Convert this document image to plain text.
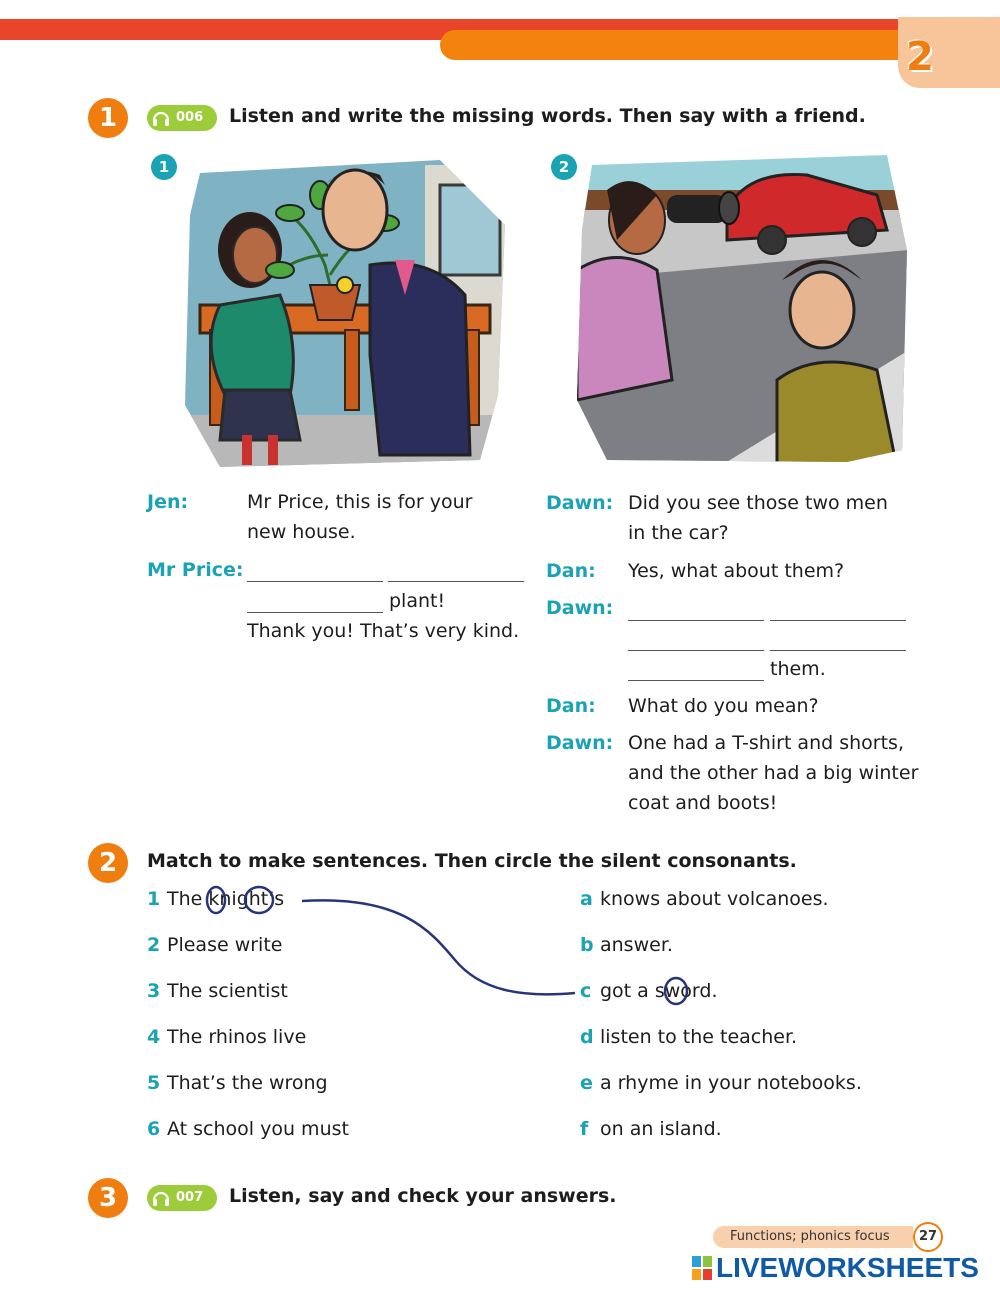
2
1	006 Listen and write the missing words. Then say with a friend.
1	2
Jen:	Mr Price, this is for your
new house.
Mr Price:
plant!
Thank you! That’s very kind.
Dawn: Did you see those two men
in the car?
Dan: Yes, what about them?
Dawn:
them.
Dan: What do you mean?
Dawn: One had a T-shirt and shorts,
and the other had a big winter
coat and boots!
2	Match to make sentences. Then circle the silent consonants.
1 The knight’s
2 Please write
3 The scientist
4 The rhinos live
5 That’s the wrong
6 At school you must
a knows about volcanoes.
b answer.
c got a sword.
d listen to the teacher.
e a rhyme in your notebooks.
f on an island.
3	007 Listen, say and check your answers.
Functions; phonics focus	27
LIVEWORKSHEETS
